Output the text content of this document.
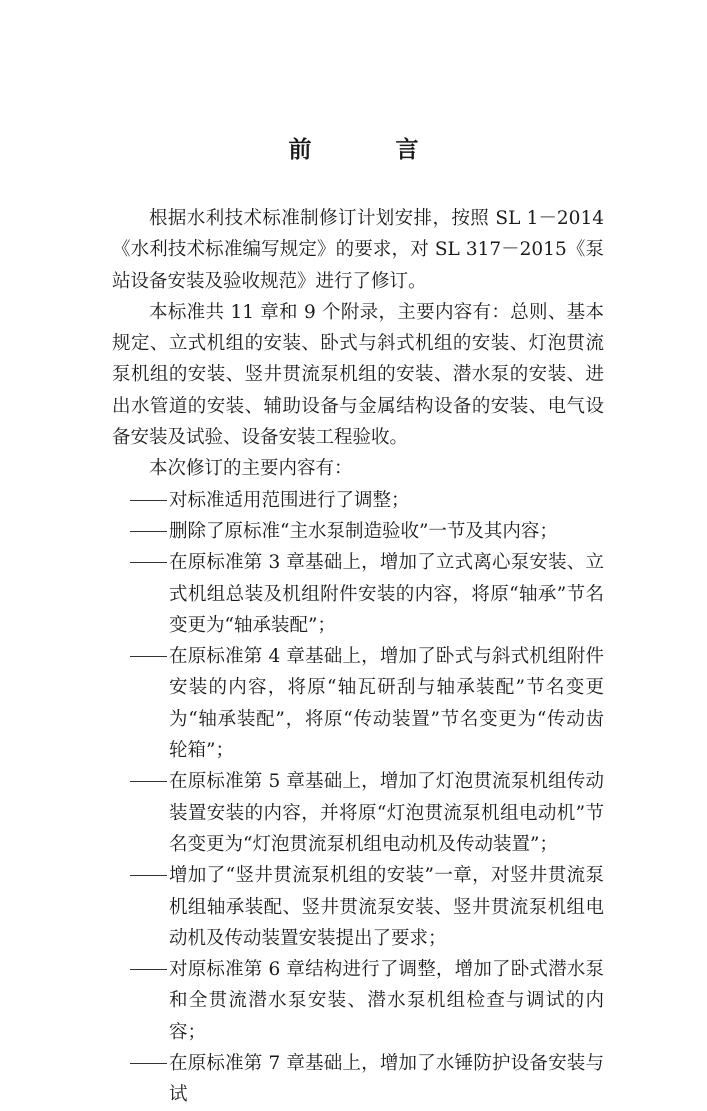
前 言

根据水利技术标准制修订计划安排，按照 SL 1－2014《水利技术标准编写规定》的要求，对 SL 317－2015《泵站设备安装及验收规范》进行了修订。

本标准共 11 章和 9 个附录，主要内容有：总则、基本规定、立式机组的安装、卧式与斜式机组的安装、灯泡贯流泵机组的安装、竖井贯流泵机组的安装、潜水泵的安装、进出水管道的安装、辅助设备与金属结构设备的安装、电气设备安装及试验、设备安装工程验收。

本次修订的主要内容有：

对标准适用范围进行了调整；

删除了原标准“主水泵制造验收”一节及其内容；

在原标准第 3 章基础上，增加了立式离心泵安装、立式机组总装及机组附件安装的内容，将原“轴承”节名变更为“轴承装配”；

在原标准第 4 章基础上，增加了卧式与斜式机组附件安装的内容，将原“轴瓦研刮与轴承装配”节名变更为“轴承装配”，将原“传动装置”节名变更为“传动齿轮箱”；

在原标准第 5 章基础上，增加了灯泡贯流泵机组传动装置安装的内容，并将原“灯泡贯流泵机组电动机”节名变更为“灯泡贯流泵机组电动机及传动装置”；

增加了“竖井贯流泵机组的安装”一章，对竖井贯流泵机组轴承装配、竖井贯流泵安装、竖井贯流泵机组电动机及传动装置安装提出了要求；

对原标准第 6 章结构进行了调整，增加了卧式潜水泵和全贯流潜水泵安装、潜水泵机组检查与调试的内容；

在原标准第 7 章基础上，增加了水锤防护设备安装与试
